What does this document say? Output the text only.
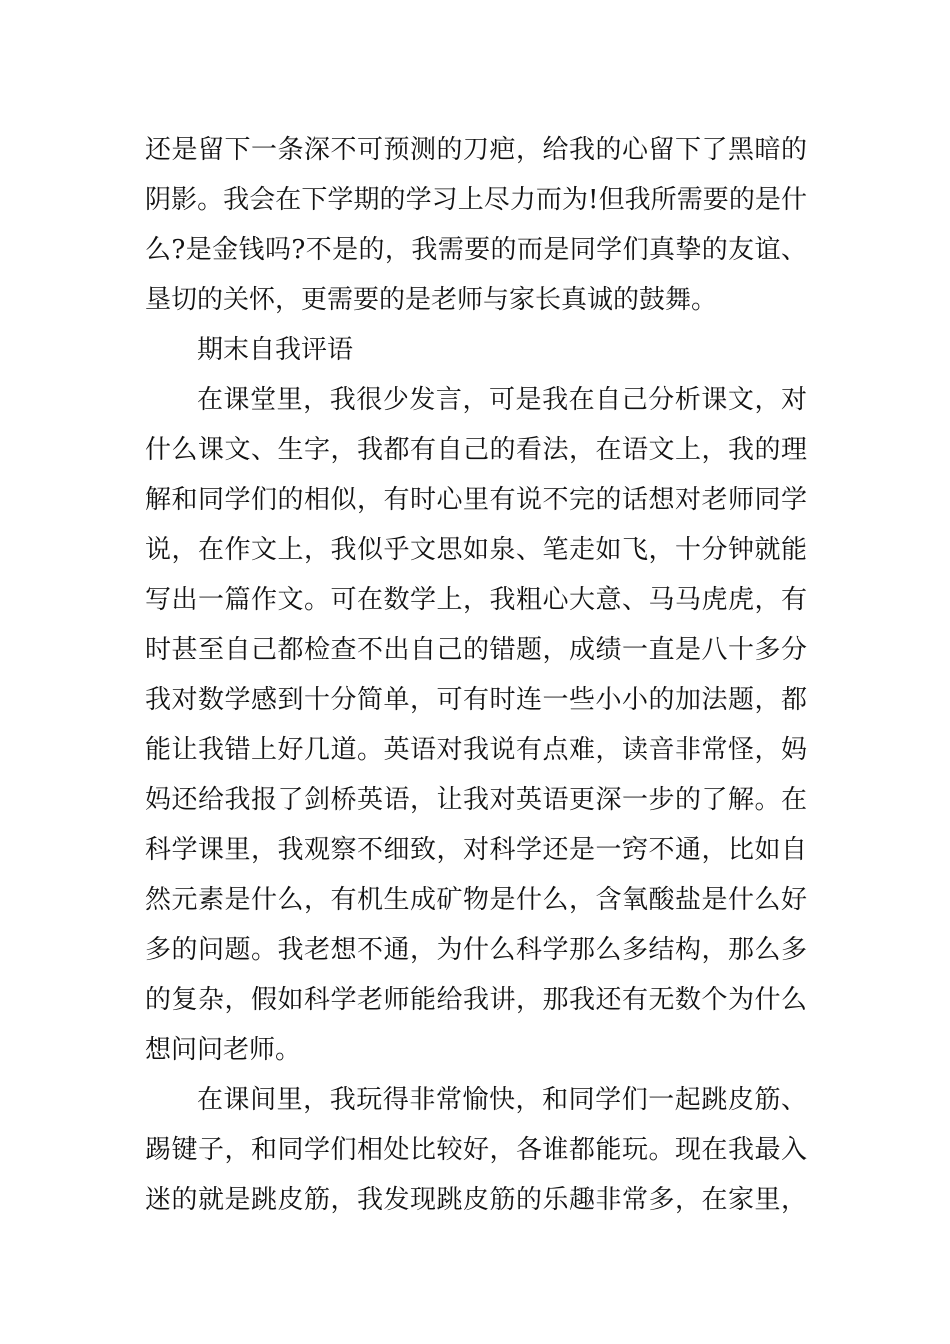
还是留下一条深不可预测的刀疤，给我的心留下了黑暗的
阴影。我会在下学期的学习上尽力而为!但我所需要的是什
么?是金钱吗?不是的，我需要的而是同学们真挚的友谊、
垦切的关怀，更需要的是老师与家长真诚的鼓舞。
期末自我评语
在课堂里，我很少发言，可是我在自己分析课文，对
什么课文、生字，我都有自己的看法，在语文上，我的理
解和同学们的相似，有时心里有说不完的话想对老师同学
说，在作文上，我似乎文思如泉、笔走如飞，十分钟就能
写出一篇作文。可在数学上，我粗心大意、马马虎虎，有
时甚至自己都检查不出自己的错题，成绩一直是八十多分
我对数学感到十分简单，可有时连一些小小的加法题，都
能让我错上好几道。英语对我说有点难，读音非常怪，妈
妈还给我报了剑桥英语，让我对英语更深一步的了解。在
科学课里，我观察不细致，对科学还是一窍不通，比如自
然元素是什么，有机生成矿物是什么，含氧酸盐是什么好
多的问题。我老想不通，为什么科学那么多结构，那么多
的复杂，假如科学老师能给我讲，那我还有无数个为什么
想问问老师。
在课间里，我玩得非常愉快，和同学们一起跳皮筋、
踢键子，和同学们相处比较好，各谁都能玩。现在我最入
迷的就是跳皮筋，我发现跳皮筋的乐趣非常多，在家里，
